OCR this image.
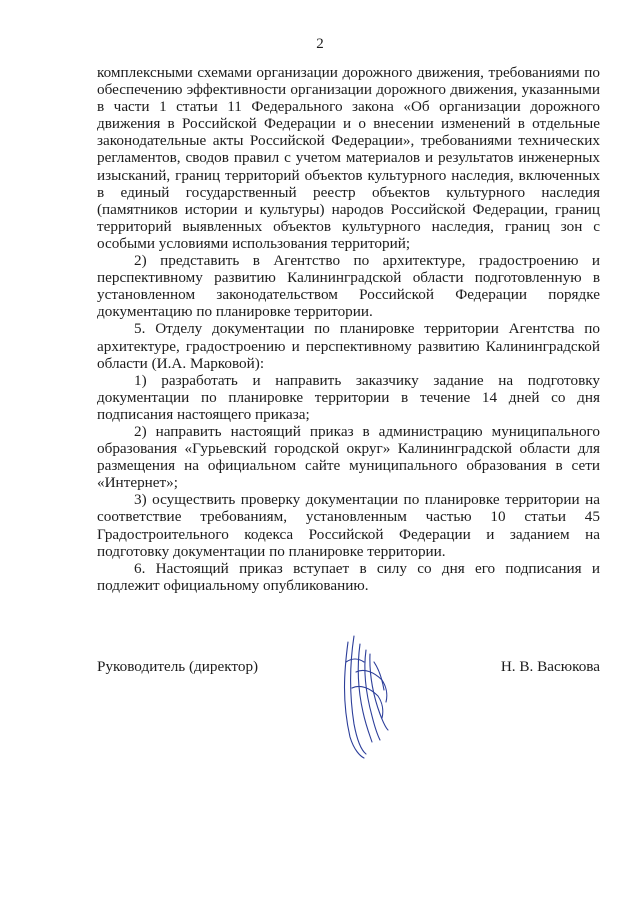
2

комплексными схемами организации дорожного движения, требованиями по обеспечению эффективности организации дорожного движения, указанными в части 1 статьи 11 Федерального закона «Об организации дорожного движения в Российской Федерации и о внесении изменений в отдельные законодательные акты Российской Федерации», требованиями технических регламентов, сводов правил с учетом материалов и результатов инженерных изысканий, границ территорий объектов культурного наследия, включенных в единый государственный реестр объектов культурного наследия (памятников истории и культуры) народов Российской Федерации, границ территорий выявленных объектов культурного наследия, границ зон с особыми условиями использования территорий;

2) представить в Агентство по архитектуре, градостроению и перспективному развитию Калининградской области подготовленную в установленном законодательством Российской Федерации порядке документацию по планировке территории.

5. Отделу документации по планировке территории Агентства по архитектуре, градостроению и перспективному развитию Калининградской области (И.А. Марковой):

1) разработать и направить заказчику задание на подготовку документации по планировке территории в течение 14 дней со дня подписания настоящего приказа;

2) направить настоящий приказ в администрацию муниципального образования «Гурьевский городской округ» Калининградской области для размещения на официальном сайте муниципального образования в сети «Интернет»;

3) осуществить проверку документации по планировке территории на соответствие требованиям, установленным частью 10 статьи 45 Градостроительного кодекса Российской Федерации и заданием на подготовку документации по планировке территории.

6. Настоящий приказ вступает в силу со дня его подписания и подлежит официальному опубликованию.

Руководитель (директор)	Н. В. Васюкова
